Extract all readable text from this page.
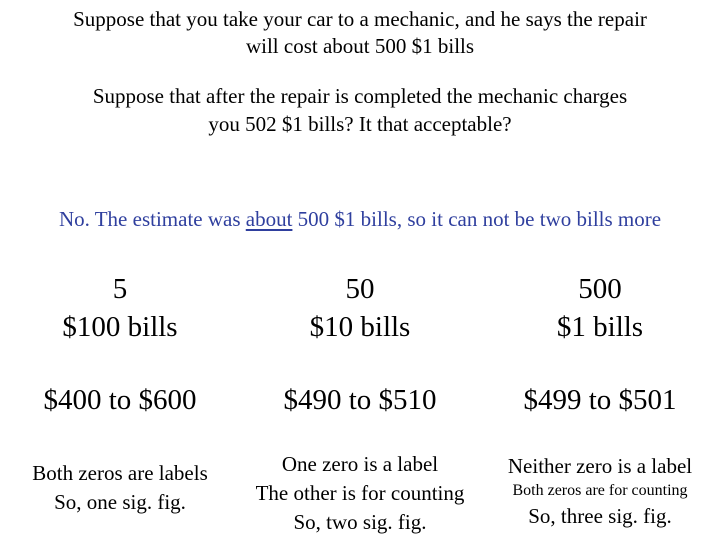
Suppose that you take your car to a mechanic, and he says the repair
will cost about 500 $1 bills
Suppose that after the repair is completed the mechanic charges
you 502 $1 bills? It that acceptable?
No. The estimate was about 500 $1 bills, so it can not be two bills more
5
$100 bills
$400 to $600
Both zeros are labels
So, one sig. fig.
50
$10 bills
$490 to $510
One zero is a label
The other is for counting
So, two sig. fig.
500
$1 bills
$499 to $501
Neither zero is a label
Both zeros are for counting
So, three sig. fig.
